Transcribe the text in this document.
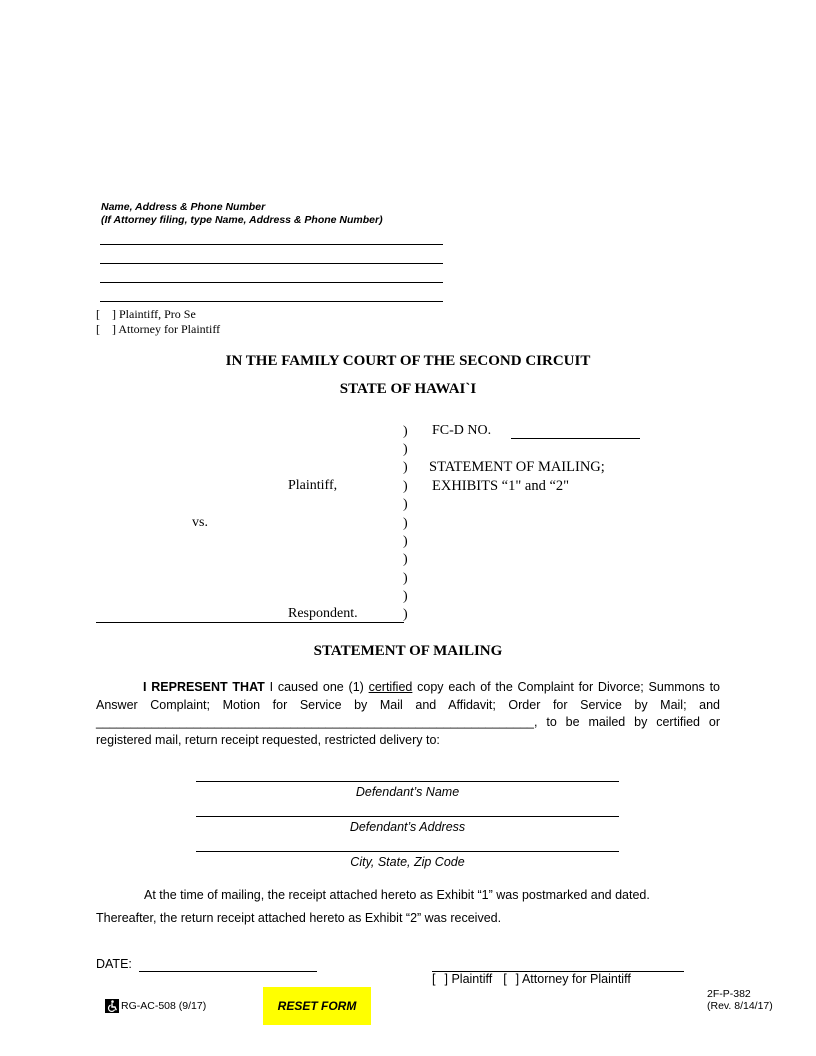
Name, Address & Phone Number
(If Attorney filing, type Name, Address & Phone Number)
[ ] Plaintiff, Pro Se
[ ] Attorney for Plaintiff
IN THE FAMILY COURT OF THE SECOND CIRCUIT
STATE OF HAWAI`I
)
)
)
)
)
)
)
)
)
)
)
Plaintiff,
vs.
Respondent.
FC-D NO.
STATEMENT OF MAILING;
EXHIBITS “1" and “2"
STATEMENT OF MAILING
I REPRESENT THAT I caused one (1) certified copy each of the Complaint for Divorce; Summons to Answer Complaint; Motion for Service by Mail and Affidavit; Order for Service by Mail; and _______________________________________________________________, to be mailed by certified or registered mail, return receipt requested, restricted delivery to:
Defendant’s Name
Defendant’s Address
City, State, Zip Code
At the time of mailing, the receipt attached hereto as Exhibit “1” was postmarked and dated.
Thereafter, the return receipt attached hereto as Exhibit “2” was received.
DATE:
[ ] Plaintiff [ ] Attorney for Plaintiff
RG-AC-508 (9/17)	RESET FORM
2F-P-382
(Rev. 8/14/17)
